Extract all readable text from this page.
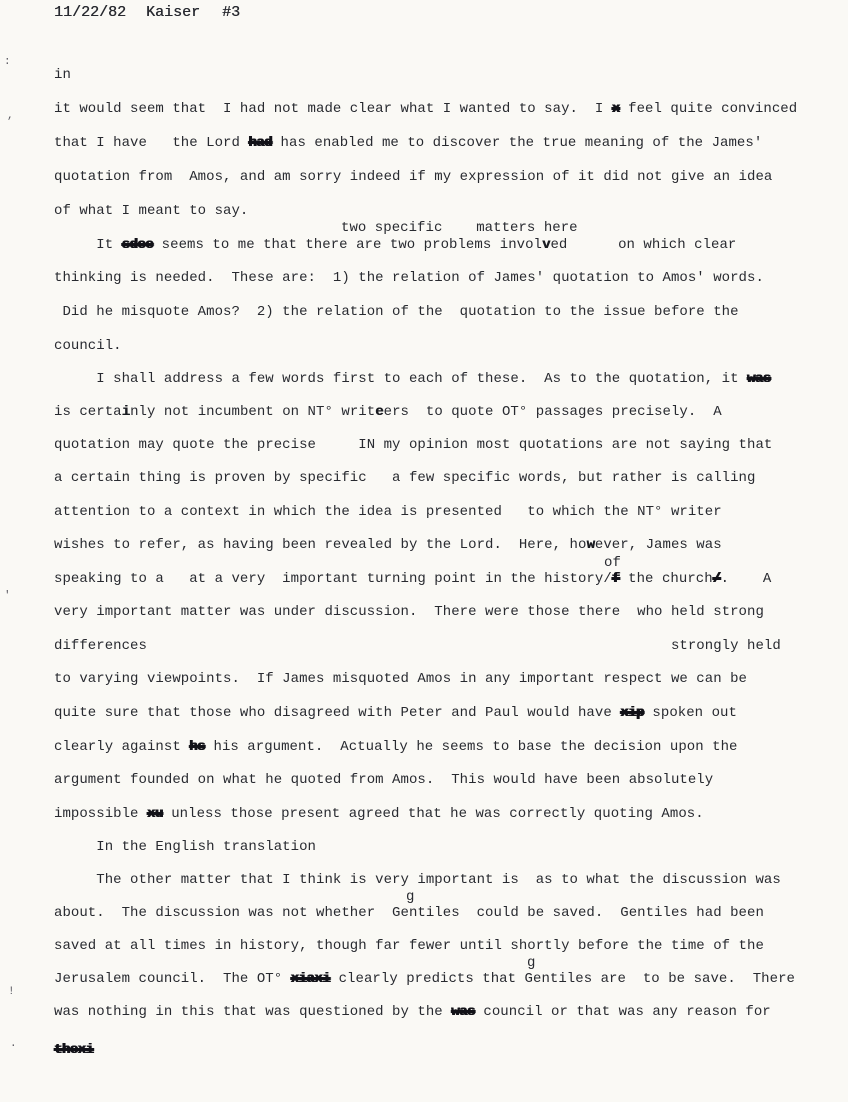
11/22/82 Kaiser #3
in
it would seem that  I had not made clear what I wanted to say.  I x feel quite convinced
that I have   the Lord had has enabled me to discover the true meaning of the James'
quotation from  Amos, and am sorry indeed if my expression of it did not give an idea
of what I meant to say.
two specific    matters here
It sdee seems to me that there are two problems involved      on which clear
thinking is needed.  These are:  1) the relation of James' quotation to Amos' words.
Did he misquote Amos?  2) the relation of the  quotation to the issue before the
council.
I shall address a few words first to each of these.  As to the quotation, it was
is certainly not incumbent on NT° writeers  to quote OT° passages precisely.  A
quotation may quote the precise     IN my opinion most quotations are not saying that
a certain thing is proven by specific   a few specific words, but rather is calling
attention to a context in which the idea is presented   to which the NT° writer
wishes to refer, as having been revealed by the Lord.  Here, however, James was
of
speaking to a   at a very  important turning point in the history/f the church/.    A
very important matter was under discussion.  There were those there  who held strong
differences                                                              strongly held
to varying viewpoints.  If James misquoted Amos in any important respect we can be
quite sure that those who disagreed with Peter and Paul would have xip spoken out
clearly against hs his argument.  Actually he seems to base the decision upon the
argument founded on what he quoted from Amos.  This would have been absolutely
impossible xu unless those present agreed that he was correctly quoting Amos.
In the English translation
The other matter that I think is very important is  as to what the discussion was
g
about.  The discussion was not whether  Gentiles  could be saved.  Gentiles had been
saved at all times in history, though far fewer until shortly before the time of the
g
Jerusalem council.  The OT° xiaxi clearly predicts that Gentiles are  to be save.  There
was nothing in this that was questioned by the was council or that was any reason for
thexi
:
,
'
!
.
